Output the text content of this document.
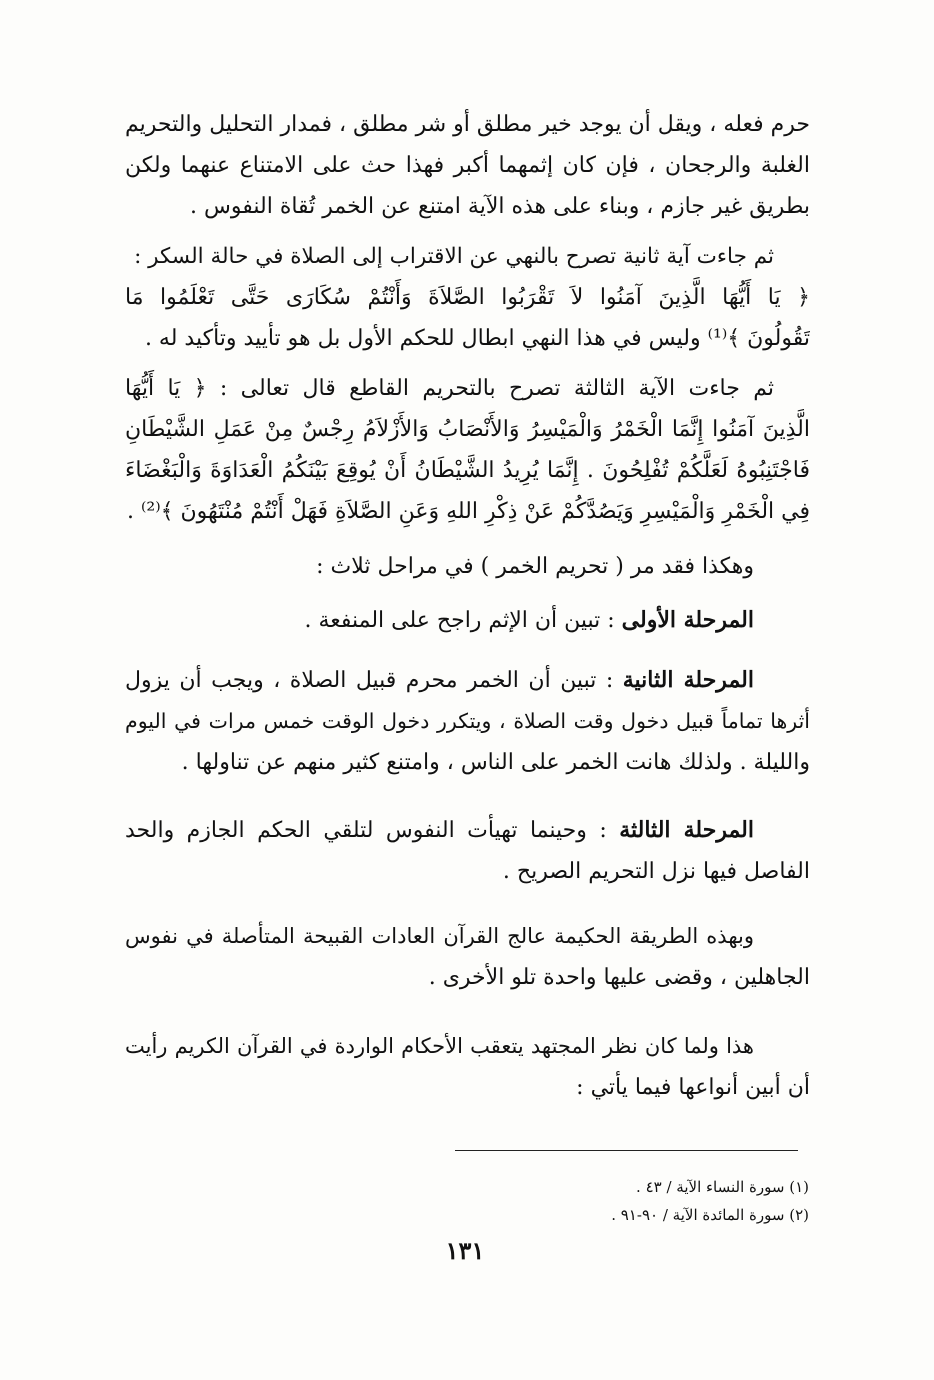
حرم فعله ، ويقل أن يوجد خير مطلق أو شر مطلق ، فمدار التحليل والتحريم
الغلبة والرجحان ، فإن كان إثمهما أكبر فهذا حث على الامتناع عنهما ولكن
بطريق غير جازم ، وبناء على هذه الآية امتنع عن الخمر تُقاة النفوس .
ثم جاءت آية ثانية تصرح بالنهي عن الاقتراب إلى الصلاة في حالة السكر :
﴿ يَا أَيُّهَا الَّذِينَ آمَنُوا لاَ تَقْرَبُوا الصَّلاَةَ وَأَنْتُمْ سُكَارَى حَتَّى تَعْلَمُوا مَا
تَقُولُونَ ﴾⁽¹⁾ وليس في هذا النهي ابطال للحكم الأول بل هو تأييد وتأكيد له .
ثم جاءت الآية الثالثة تصرح بالتحريم القاطع قال تعالى : ﴿ يَا أَيُّهَا
الَّذِينَ آمَنُوا إِنَّمَا الْخَمْرُ وَالْمَيْسِرُ وَالأَنْصَابُ وَالأَزْلاَمُ رِجْسٌ مِنْ عَمَلِ الشَّيْطَانِ
فَاجْتَنِبُوهُ لَعَلَّكُمْ تُفْلِحُونَ . إِنَّمَا يُرِيدُ الشَّيْطَانُ أَنْ يُوقِعَ بَيْنَكُمُ الْعَدَاوَةَ وَالْبَغْضَاءَ
فِي الْخَمْرِ وَالْمَيْسِرِ وَيَصُدَّكُمْ عَنْ ذِكْرِ اللهِ وَعَنِ الصَّلاَةِ فَهَلْ أَنْتُمْ مُنْتَهُونَ ﴾⁽²⁾ .
وهكذا فقد مر ( تحريم الخمر ) في مراحل ثلاث :
المرحلة الأولى : تبين أن الإثم راجح على المنفعة .
المرحلة الثانية : تبين أن الخمر محرم قبيل الصلاة ، ويجب أن يزول
أثرها تماماً قبيل دخول وقت الصلاة ، ويتكرر دخول الوقت خمس مرات في اليوم
والليلة . ولذلك هانت الخمر على الناس ، وامتنع كثير منهم عن تناولها .
المرحلة الثالثة : وحينما تهيأت النفوس لتلقي الحكم الجازم والحد
الفاصل فيها نزل التحريم الصريح .
وبهذه الطريقة الحكيمة عالج القرآن العادات القبيحة المتأصلة في نفوس
الجاهلين ، وقضى عليها واحدة تلو الأخرى .
هذا ولما كان نظر المجتهد يتعقب الأحكام الواردة في القرآن الكريم رأيت
أن أبين أنواعها فيما يأتي :

(١) سورة النساء الآية / ٤٣ .

(٢) سورة المائدة الآية / ٩٠-٩١ .

١٣١
